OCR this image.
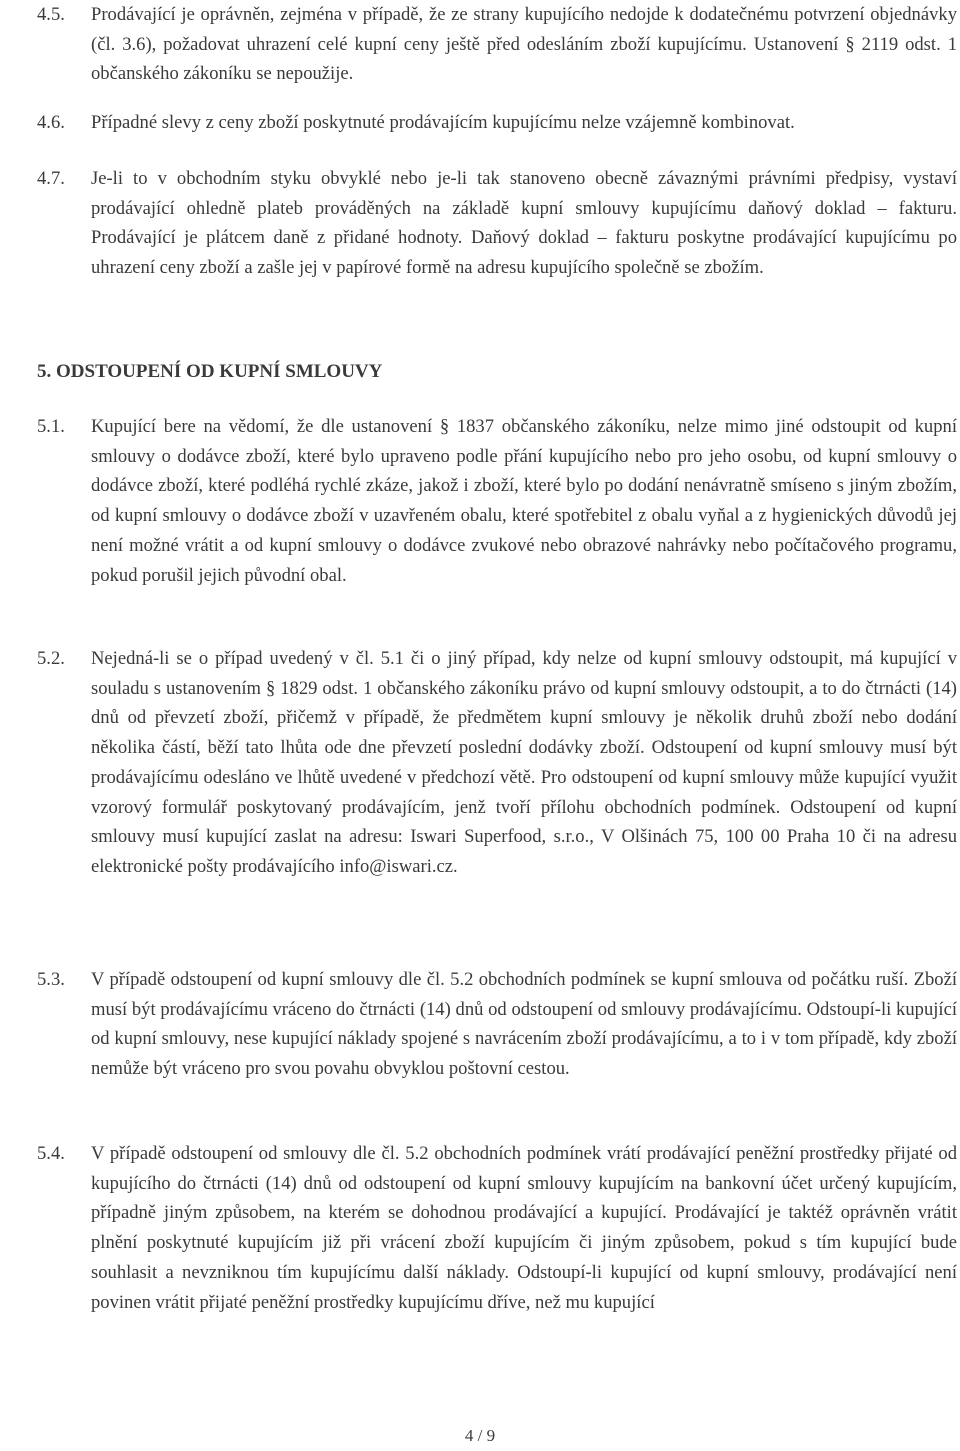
4.5.	Prodávající je oprávněn, zejména v případě, že ze strany kupujícího nedojde k dodatečnému potvrzení objednávky (čl. 3.6), požadovat uhrazení celé kupní ceny ještě před odesláním zboží kupujícímu. Ustanovení § 2119 odst. 1 občanského zákoníku se nepoužije.
4.6.	Případné slevy z ceny zboží poskytnuté prodávajícím kupujícímu nelze vzájemně kombinovat.
4.7.	Je-li to v obchodním styku obvyklé nebo je-li tak stanoveno obecně závaznými právními předpisy, vystaví prodávající ohledně plateb prováděných na základě kupní smlouvy kupujícímu daňový doklad – fakturu. Prodávající je plátcem daně z přidané hodnoty. Daňový doklad – fakturu poskytne prodávající kupujícímu po uhrazení ceny zboží a zašle jej v papírové formě na adresu kupujícího společně se zbožím.
5. ODSTOUPENÍ OD KUPNÍ SMLOUVY
5.1.	Kupující bere na vědomí, že dle ustanovení § 1837 občanského zákoníku, nelze mimo jiné odstoupit od kupní smlouvy o dodávce zboží, které bylo upraveno podle přání kupujícího nebo pro jeho osobu, od kupní smlouvy o dodávce zboží, které podléhá rychlé zkáze, jakož i zboží, které bylo po dodání nenávratně smíseno s jiným zbožím, od kupní smlouvy o dodávce zboží v uzavřeném obalu, které spotřebitel z obalu vyňal a z hygienických důvodů jej není možné vrátit a od kupní smlouvy o dodávce zvukové nebo obrazové nahrávky nebo počítačového programu, pokud porušil jejich původní obal.
5.2.	Nejedná-li se o případ uvedený v čl. 5.1 či o jiný případ, kdy nelze od kupní smlouvy odstoupit, má kupující v souladu s ustanovením § 1829 odst. 1 občanského zákoníku právo od kupní smlouvy odstoupit, a to do čtrnácti (14) dnů od převzetí zboží, přičemž v případě, že předmětem kupní smlouvy je několik druhů zboží nebo dodání několika částí, běží tato lhůta ode dne převzetí poslední dodávky zboží. Odstoupení od kupní smlouvy musí být prodávajícímu odesláno ve lhůtě uvedené v předchozí větě. Pro odstoupení od kupní smlouvy může kupující využit vzorový formulář poskytovaný prodávajícím, jenž tvoří přílohu obchodních podmínek. Odstoupení od kupní smlouvy musí kupující zaslat na adresu: Iswari Superfood, s.r.o., V Olšinách 75, 100 00 Praha 10 či na adresu elektronické pošty prodávajícího info@iswari.cz.
5.3.	V případě odstoupení od kupní smlouvy dle čl. 5.2 obchodních podmínek se kupní smlouva od počátku ruší. Zboží musí být prodávajícímu vráceno do čtrnácti (14) dnů od odstoupení od smlouvy prodávajícímu. Odstoupí-li kupující od kupní smlouvy, nese kupující náklady spojené s navrácením zboží prodávajícímu, a to i v tom případě, kdy zboží nemůže být vráceno pro svou povahu obvyklou poštovní cestou.
5.4.	V případě odstoupení od smlouvy dle čl. 5.2 obchodních podmínek vrátí prodávající peněžní prostředky přijaté od kupujícího do čtrnácti (14) dnů od odstoupení od kupní smlouvy kupujícím na bankovní účet určený kupujícím, případně jiným způsobem, na kterém se dohodnou prodávající a kupující. Prodávající je taktéž oprávněn vrátit plnění poskytnuté kupujícím již při vrácení zboží kupujícím či jiným způsobem, pokud s tím kupující bude souhlasit a nevzniknou tím kupujícímu další náklady. Odstoupí-li kupující od kupní smlouvy, prodávající není povinen vrátit přijaté peněžní prostředky kupujícímu dříve, než mu kupující
4 / 9
